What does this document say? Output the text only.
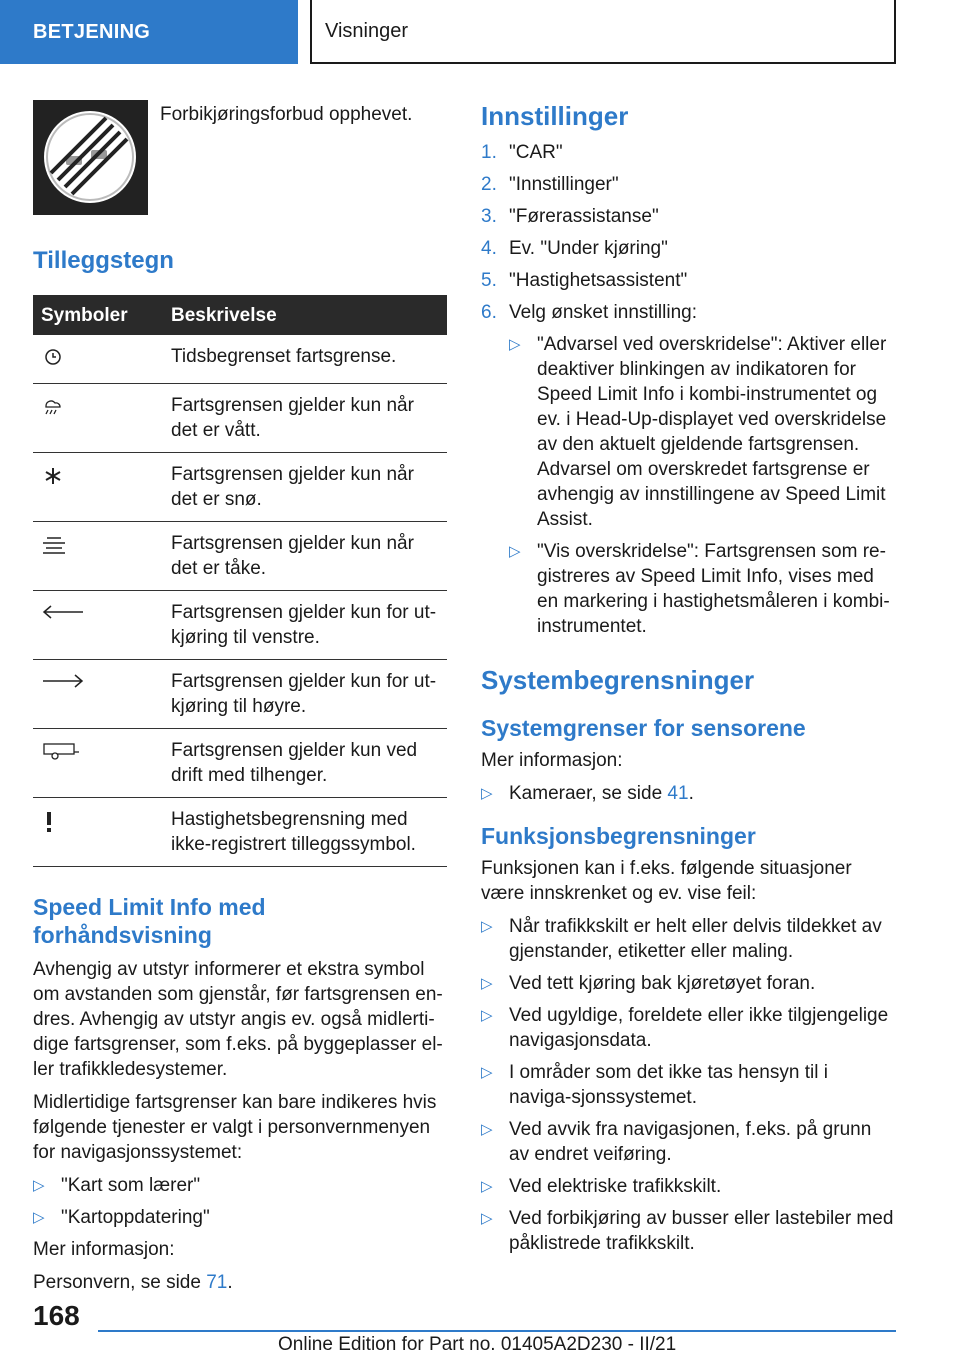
BETJENING	Visninger

Forbikjøringsforbud opphevet.

Tilleggstegn
Symboler	Beskrivelse
	Tidsbegrenset fartsgrense.
	Fartsgrensen gjelder kun når det er vått.
	Fartsgrensen gjelder kun når det er snø.
	Fartsgrensen gjelder kun når det er tåke.
	Fartsgrensen gjelder kun for ut-kjøring til venstre.
	Fartsgrensen gjelder kun for ut-kjøring til høyre.
	Fartsgrensen gjelder kun ved drift med tilhenger.
	Hastighetsbegrensning med ikke-registrert tilleggssymbol.
Speed Limit Info med forhåndsvisning

Avhengig av utstyr informerer et ekstra symbol om avstanden som gjenstår, før fartsgrensen en-dres. Avhengig av utstyr angis ev. også midlerti-dige fartsgrenser, som f.eks. på byggeplasser el-ler trafikkledesystemer.

Midlertidige fartsgrenser kan bare indikeres hvis følgende tjenester er valgt i personvernmenyen for navigasjonssystemet:

▷ "Kart som lærer"
▷ "Kartoppdatering"

Mer informasjon:

Personvern, se side 71.

Innstillinger
1. "CAR"
2. "Innstillinger"
3. "Førerassistanse"
4. Ev. "Under kjøring"
5. "Hastighetsassistent"
6. Velg ønsket innstilling:
▷ "Advarsel ved overskridelse": Aktiver eller deaktiver blinkingen av indikatoren for Speed Limit Info i kombi-instrumentet og ev. i Head-Up-displayet ved overskridelse av den aktuelt gjeldende fartsgrensen. Advarsel om overskredet fartsgrense er avhengig av innstillingene av Speed Limit Assist.
▷ "Vis overskridelse": Fartsgrensen som re-gistreres av Speed Limit Info, vises med en markering i hastighetsmåleren i kombi-instrumentet.
Systembegrensninger
Systemgrenser for sensorene

Mer informasjon:

▷ Kameraer, se side 41.
Funksjonsbegrensninger

Funksjonen kan i f.eks. følgende situasjoner være innskrenket og ev. vise feil:

▷ Når trafikkskilt er helt eller delvis tildekket av gjenstander, etiketter eller maling.
▷ Ved tett kjøring bak kjøretøyet foran.
▷ Ved ugyldige, foreldete eller ikke tilgjengelige navigasjonsdata.
▷ I områder som det ikke tas hensyn til i naviga-sjonssystemet.
▷ Ved avvik fra navigasjonen, f.eks. på grunn av endret veiføring.
▷ Ved elektriske trafikkskilt.
▷ Ved forbikjøring av busser eller lastebiler med påklistrede trafikkskilt.
168
Online Edition for Part no. 01405A2D230 - II/21
